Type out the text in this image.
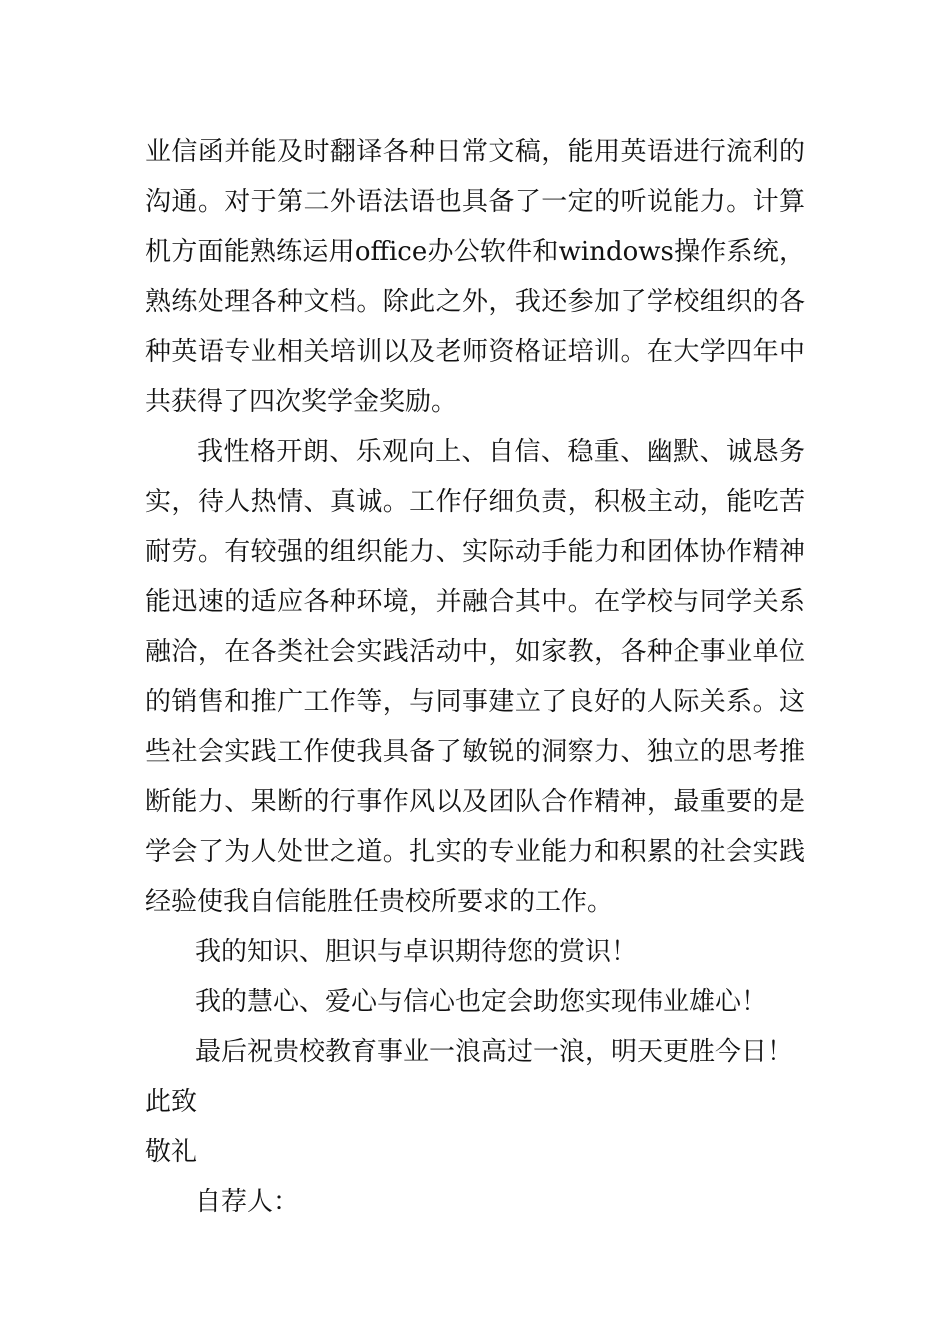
业信函并能及时翻译各种日常文稿，能用英语进行流利的
沟通。对于第二外语法语也具备了一定的听说能力。计算
机方面能熟练运用office办公软件和windows操作系统，
熟练处理各种文档。除此之外，我还参加了学校组织的各
种英语专业相关培训以及老师资格证培训。在大学四年中
共获得了四次奖学金奖励。
我性格开朗、乐观向上、自信、稳重、幽默、诚恳务
实，待人热情、真诚。工作仔细负责，积极主动，能吃苦
耐劳。有较强的组织能力、实际动手能力和团体协作精神
能迅速的适应各种环境，并融合其中。在学校与同学关系
融洽，在各类社会实践活动中，如家教，各种企事业单位
的销售和推广工作等，与同事建立了良好的人际关系。这
些社会实践工作使我具备了敏锐的洞察力、独立的思考推
断能力、果断的行事作风以及团队合作精神，最重要的是
学会了为人处世之道。扎实的专业能力和积累的社会实践
经验使我自信能胜任贵校所要求的工作。
我的知识、胆识与卓识期待您的赏识！
我的慧心、爱心与信心也定会助您实现伟业雄心！
最后祝贵校教育事业一浪高过一浪，明天更胜今日！
此致
敬礼
自荐人：
